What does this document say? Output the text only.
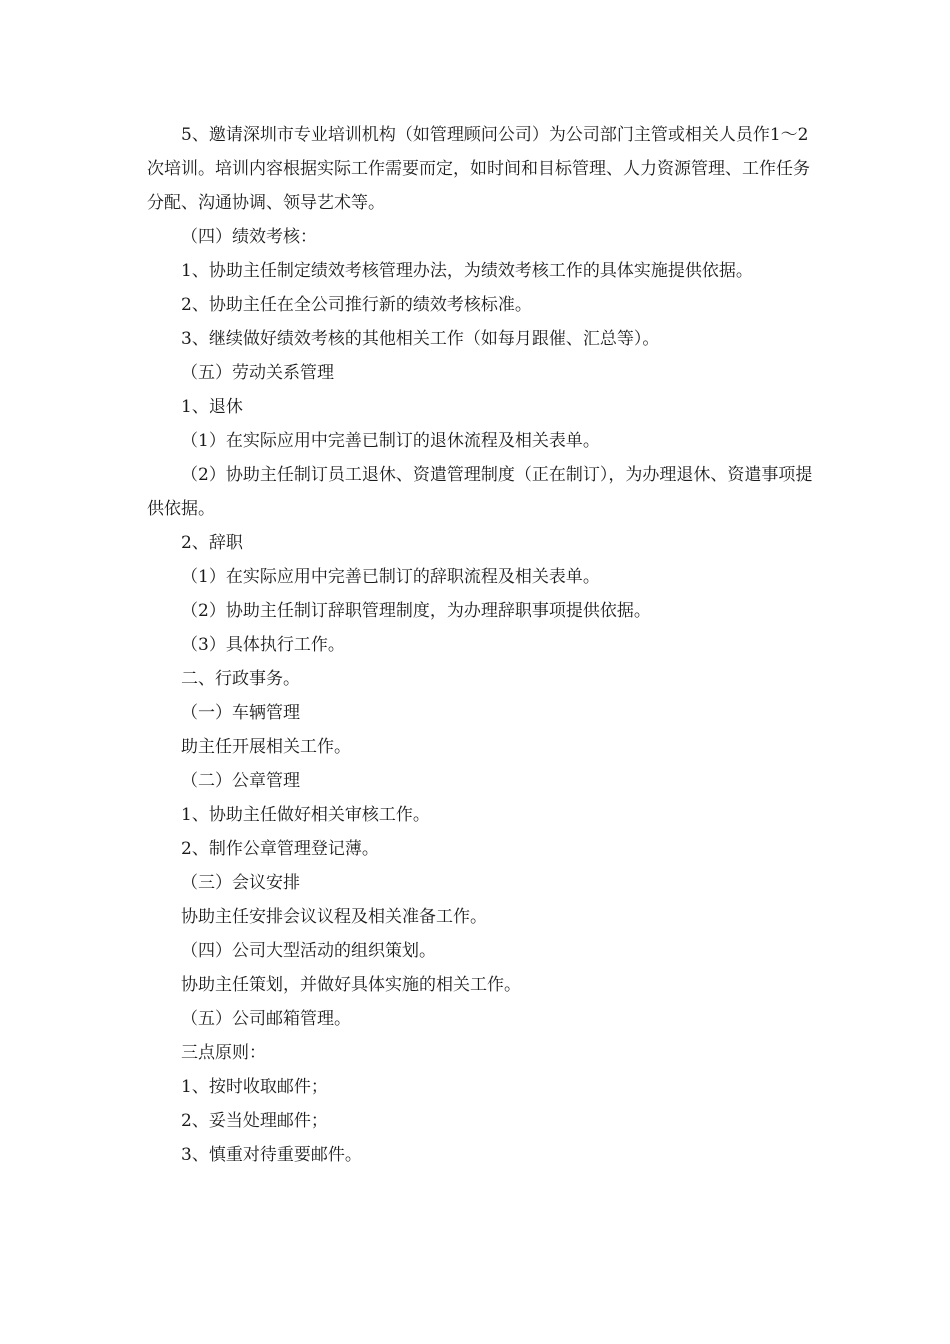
5、邀请深圳市专业培训机构（如管理顾问公司）为公司部门主管或相关人员作1～2次培训。培训内容根据实际工作需要而定，如时间和目标管理、人力资源管理、工作任务分配、沟通协调、领导艺术等。

（四）绩效考核：

1、协助主任制定绩效考核管理办法，为绩效考核工作的具体实施提供依据。

2、协助主任在全公司推行新的绩效考核标准。

3、继续做好绩效考核的其他相关工作（如每月跟催、汇总等）。

（五）劳动关系管理

1、退休

（1）在实际应用中完善已制订的退休流程及相关表单。

（2）协助主任制订员工退休、资遣管理制度（正在制订），为办理退休、资遣事项提供依据。

2、辞职

（1）在实际应用中完善已制订的辞职流程及相关表单。

（2）协助主任制订辞职管理制度，为办理辞职事项提供依据。

（3）具体执行工作。

二、行政事务。

（一）车辆管理

助主任开展相关工作。

（二）公章管理

1、协助主任做好相关审核工作。

2、制作公章管理登记薄。

（三）会议安排

协助主任安排会议议程及相关准备工作。

（四）公司大型活动的组织策划。

协助主任策划，并做好具体实施的相关工作。

（五）公司邮箱管理。

三点原则：

1、按时收取邮件；

2、妥当处理邮件；

3、慎重对待重要邮件。
